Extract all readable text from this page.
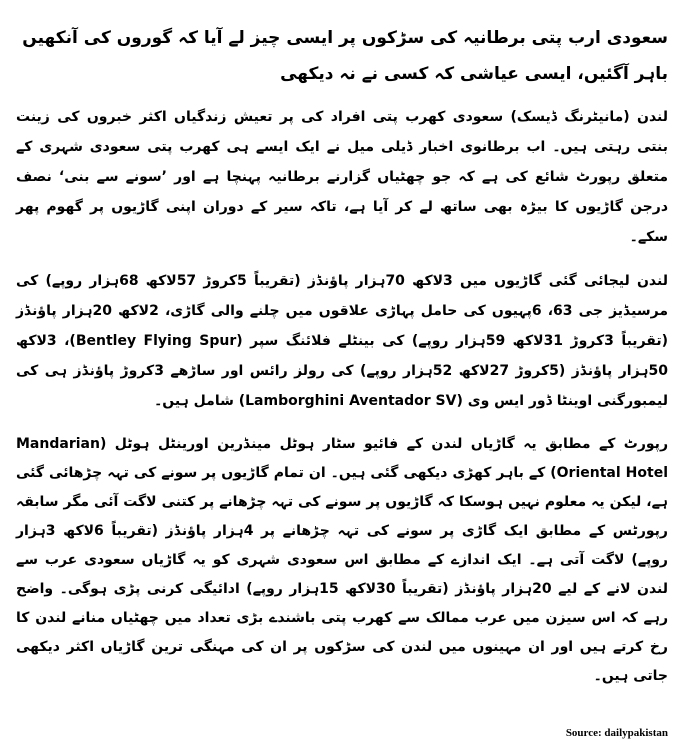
سعودی ارب پتی برطانیہ کی سڑکوں پر ایسی چیز لے آیا کہ گوروں کی آنکھیں باہر آگئیں، ایسی عیاشی کہ کسی نے نہ دیکھی

لندن (مانیٹرنگ ڈیسک) سعودی کھرب پتی افراد کی پر تعیش زندگیاں اکثر خبروں کی زینت بنتی رہتی ہیں۔ اب برطانوی اخبار ڈیلی میل نے ایک ایسے ہی کھرب پتی سعودی شہری کے متعلق رپورٹ شائع کی ہے کہ جو چھٹیاں گزارنے برطانیہ پہنچا ہے اور ’سونے سے بنی‘ نصف درجن گاڑیوں کا بیڑہ بھی ساتھ لے کر آیا ہے، تاکہ سیر کے دوران اپنی گاڑیوں پر گھوم پھر سکے۔

لندن لیجائی گئی گاڑیوں میں 3لاکھ 70ہزار پاﺅنڈز (تقریباً 5کروڑ 57لاکھ 68ہزار روپے) کی مرسیڈیز جی 63، 6پہیوں کی حامل پہاڑی علاقوں میں چلنے والی گاڑی، 2لاکھ 20ہزار پاﺅنڈز (تقریباً 3کروڑ 31لاکھ 59ہزار روپے) کی بینٹلے فلائنگ سپر (Bentley Flying Spur)، 3لاکھ 50ہزار پاﺅنڈز (5کروڑ 27لاکھ 52ہزار روپے) کی رولز رائس اور ساڑھے 3کروڑ پاﺅنڈز ہی کی لیمبورگنی اوینٹا ڈور ایس وی (Lamborghini Aventador SV) شامل ہیں۔

رپورٹ کے مطابق یہ گاڑیاں لندن کے فائیو سٹار ہوٹل مینڈرین اورینٹل ہوٹل (Mandarian Oriental Hotel) کے باہر کھڑی دیکھی گئی ہیں۔ ان تمام گاڑیوں پر سونے کی تہہ چڑھائی گئی ہے، لیکن یہ معلوم نہیں ہوسکا کہ گاڑیوں پر سونے کی تہہ چڑھانے پر کتنی لاگت آئی مگر سابقہ رپورٹس کے مطابق ایک گاڑی پر سونے کی تہہ چڑھانے پر 4ہزار پاﺅنڈز (تقریباً 6لاکھ 3ہزار روپے) لاگت آتی ہے۔ ایک اندازے کے مطابق اس سعودی شہری کو یہ گاڑیاں سعودی عرب سے لندن لانے کے لیے 20ہزار پاﺅنڈز (تقریباً 30لاکھ 15ہزار روپے) ادائیگی کرنی پڑی ہوگی۔ واضح رہے کہ اس سیزن میں عرب ممالک سے کھرب پتی باشندے بڑی تعداد میں چھٹیاں منانے لندن کا رخ کرتے ہیں اور ان مہینوں میں لندن کی سڑکوں پر ان کی مہنگی ترین گاڑیاں اکثر دیکھی جاتی ہیں۔

Source: dailypakistan
